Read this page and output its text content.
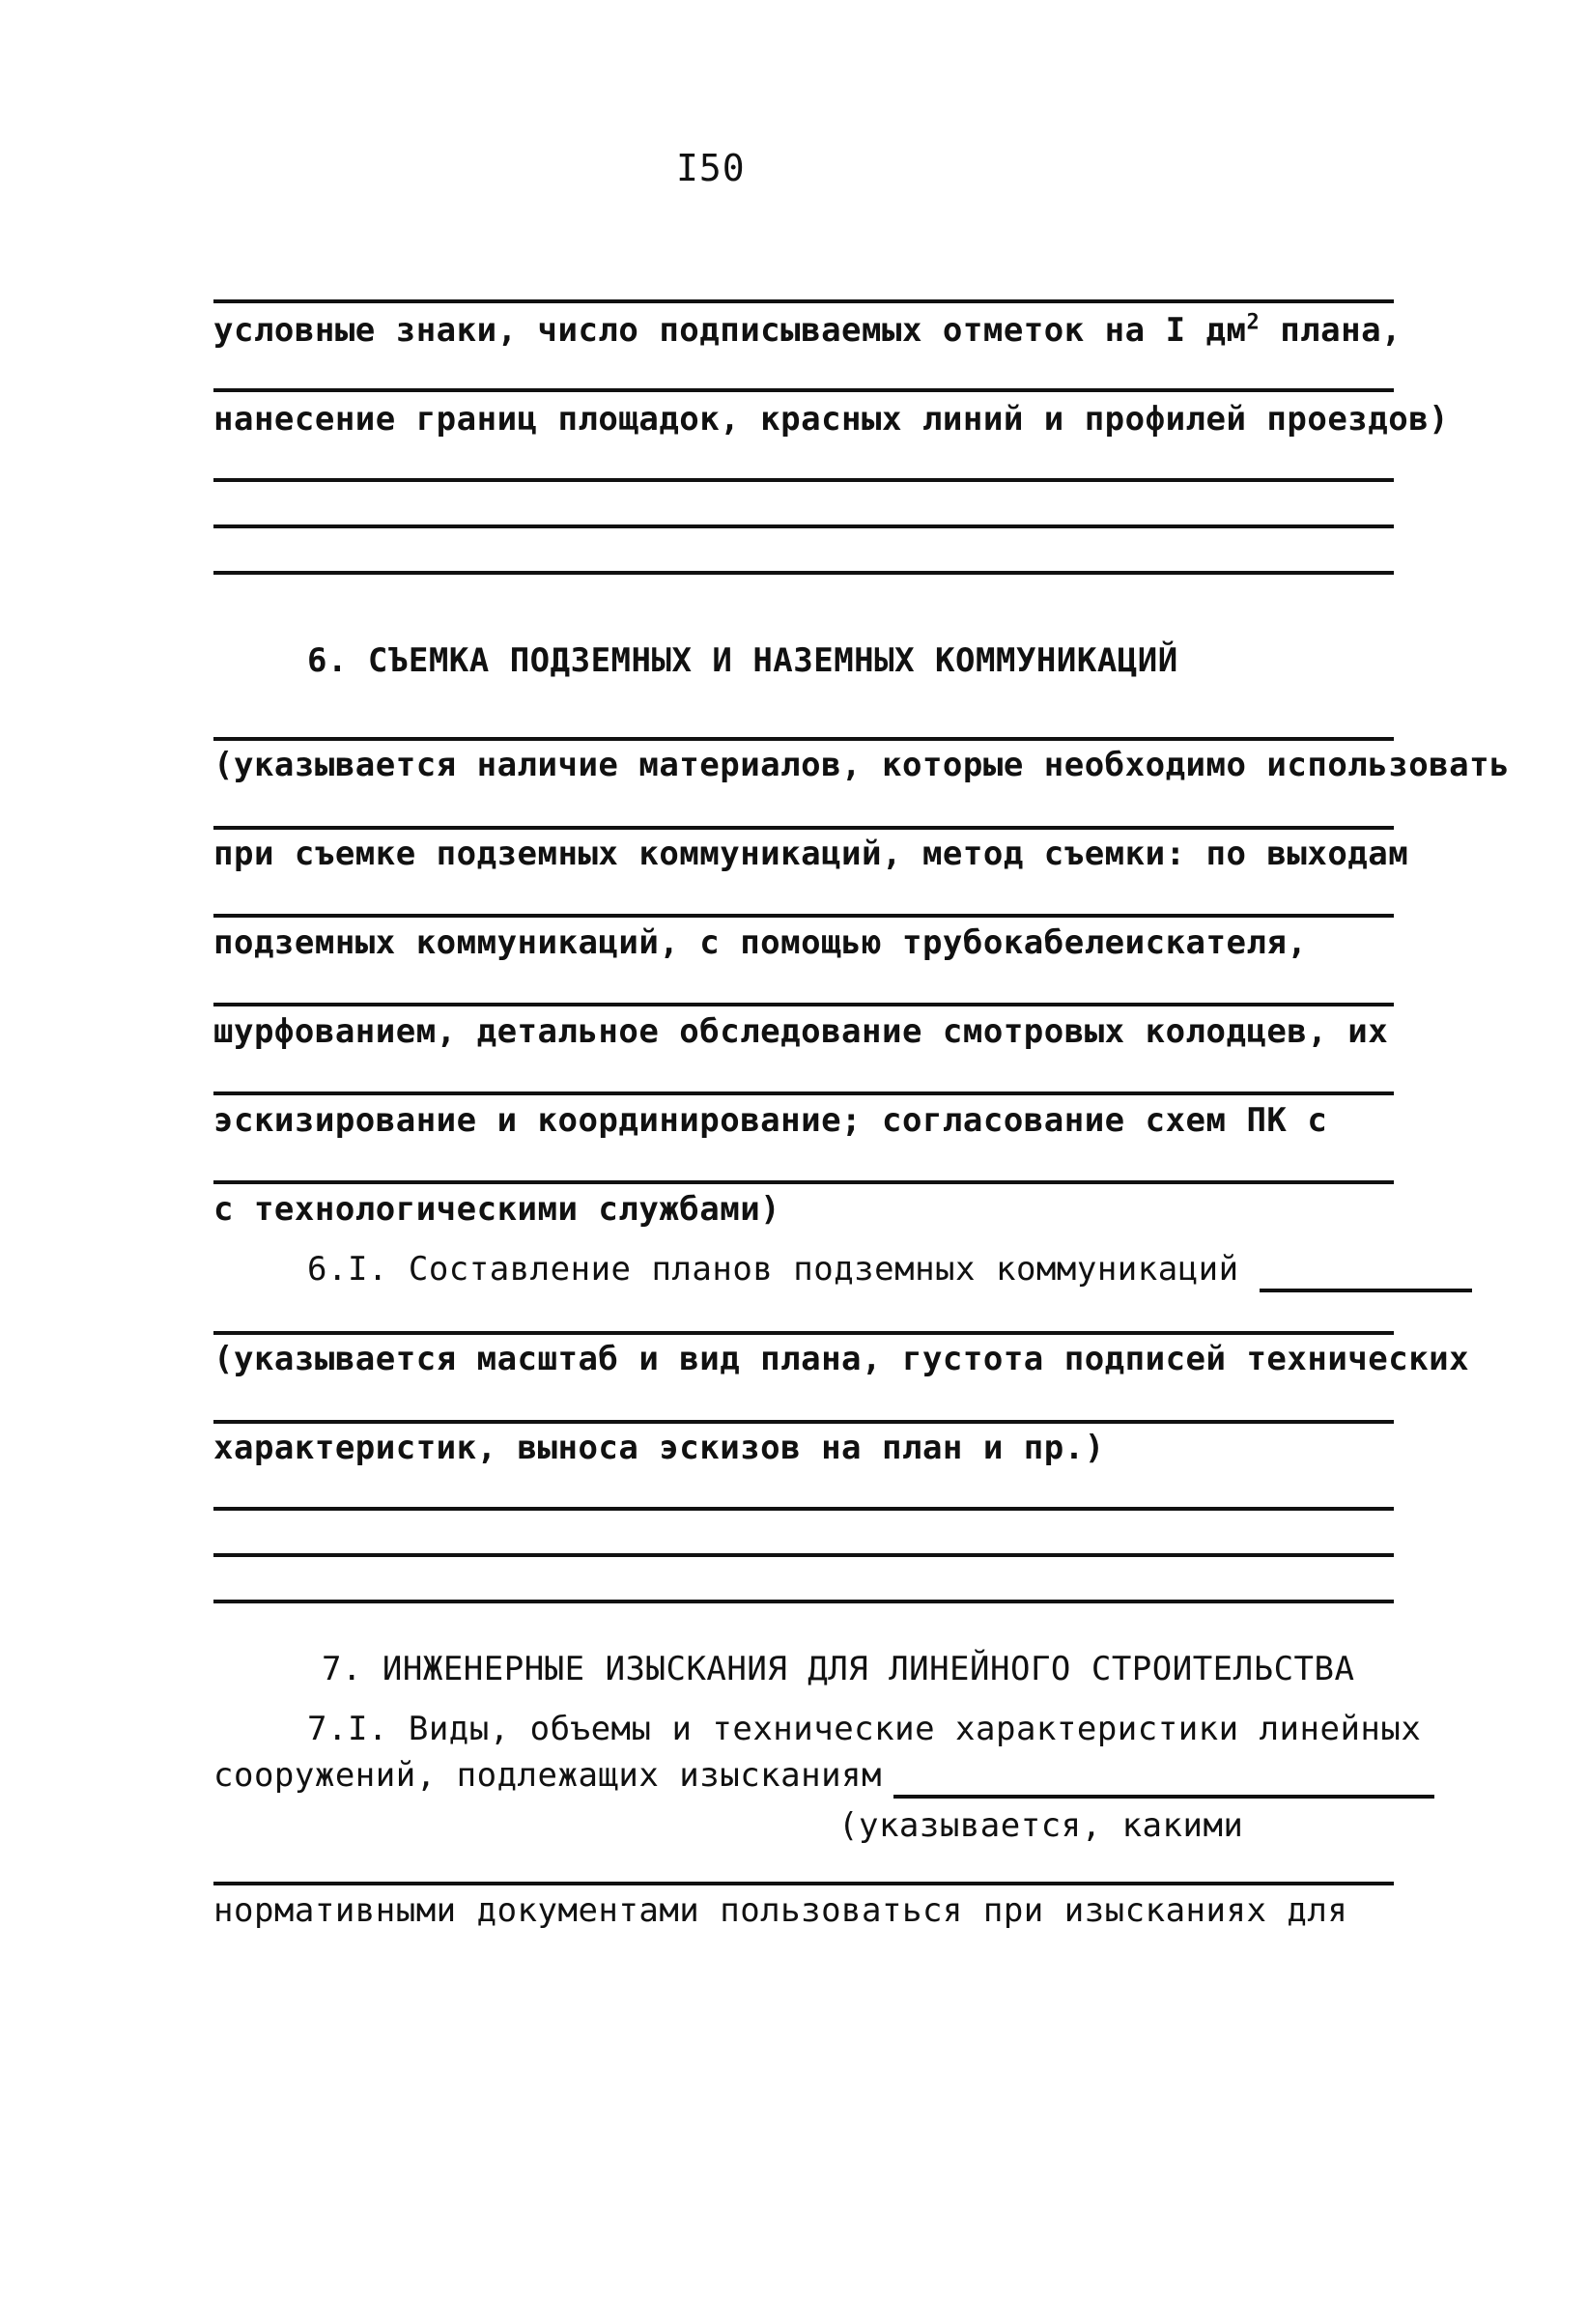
I50
условные знаки, число подписываемых отметок на I $дм^2$ плана,
нанесение границ площадок, красных линий и профилей проездов)
6. СЪЕМКА ПОДЗЕМНЫХ И НАЗЕМНЫХ КОММУНИКАЦИЙ
(указывается наличие материалов, которые необходимо использовать
при съемке подземных коммуникаций, метод съемки: по выходам
подземных коммуникаций, с помощью трубокабелеискателя,
шурфованием, детальное обследование смотровых колодцев, их
эскизирование и координирование; согласование схем ПК с
с технологическими службами)
6.I. Составление планов подземных коммуникаций
(указывается масштаб и вид плана, густота подписей технических
характеристик, выноса эскизов на план и пр.)
7. ИНЖЕНЕРНЫЕ ИЗЫСКАНИЯ ДЛЯ ЛИНЕЙНОГО СТРОИТЕЛЬСТВА
7.I. Виды, объемы и технические характеристики линейных
сооружений, подлежащих изысканиям
(указывается, какими
нормативными документами пользоваться при изысканиях для
